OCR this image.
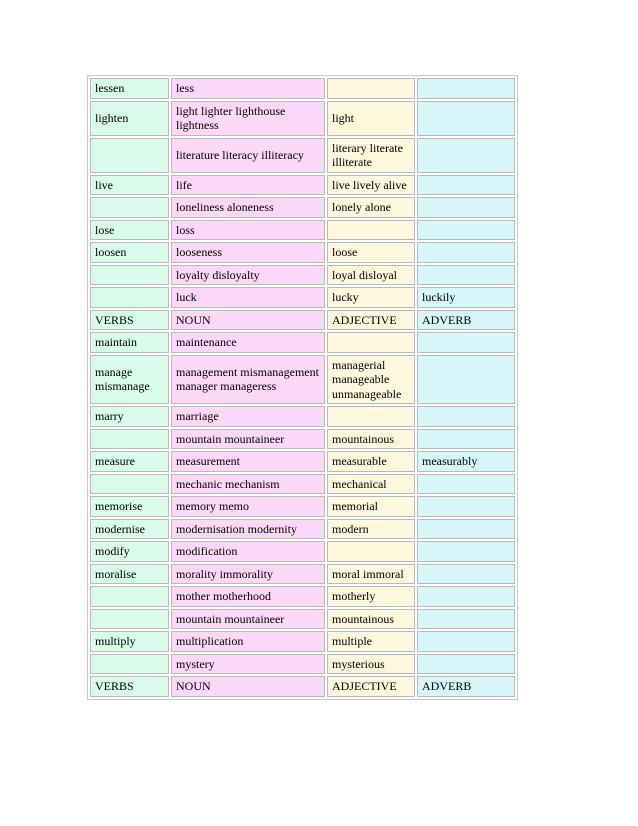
lessen	less		
lighten	light lighter lighthouse lightness	light	
	literature literacy illiteracy	literary literate illiterate	
live	life	live lively alive	
	loneliness aloneness	lonely alone	
lose	loss		
loosen	looseness	loose	
	loyalty disloyalty	loyal disloyal	
	luck	lucky	luckily
VERBS	NOUN	ADJECTIVE	ADVERB
maintain	maintenance		
manage mismanage	management mismanagement manager manageress	managerial manageable unmanageable	
marry	marriage		
	mountain mountaineer	mountainous	
measure	measurement	measurable	measurably
	mechanic mechanism	mechanical	
memorise	memory memo	memorial	
modernise	modernisation modernity	modern	
modify	modification		
moralise	morality immorality	moral immoral	
	mother motherhood	motherly	
	mountain mountaineer	mountainous	
multiply	multiplication	multiple	
	mystery	mysterious	
VERBS	NOUN	ADJECTIVE	ADVERB
